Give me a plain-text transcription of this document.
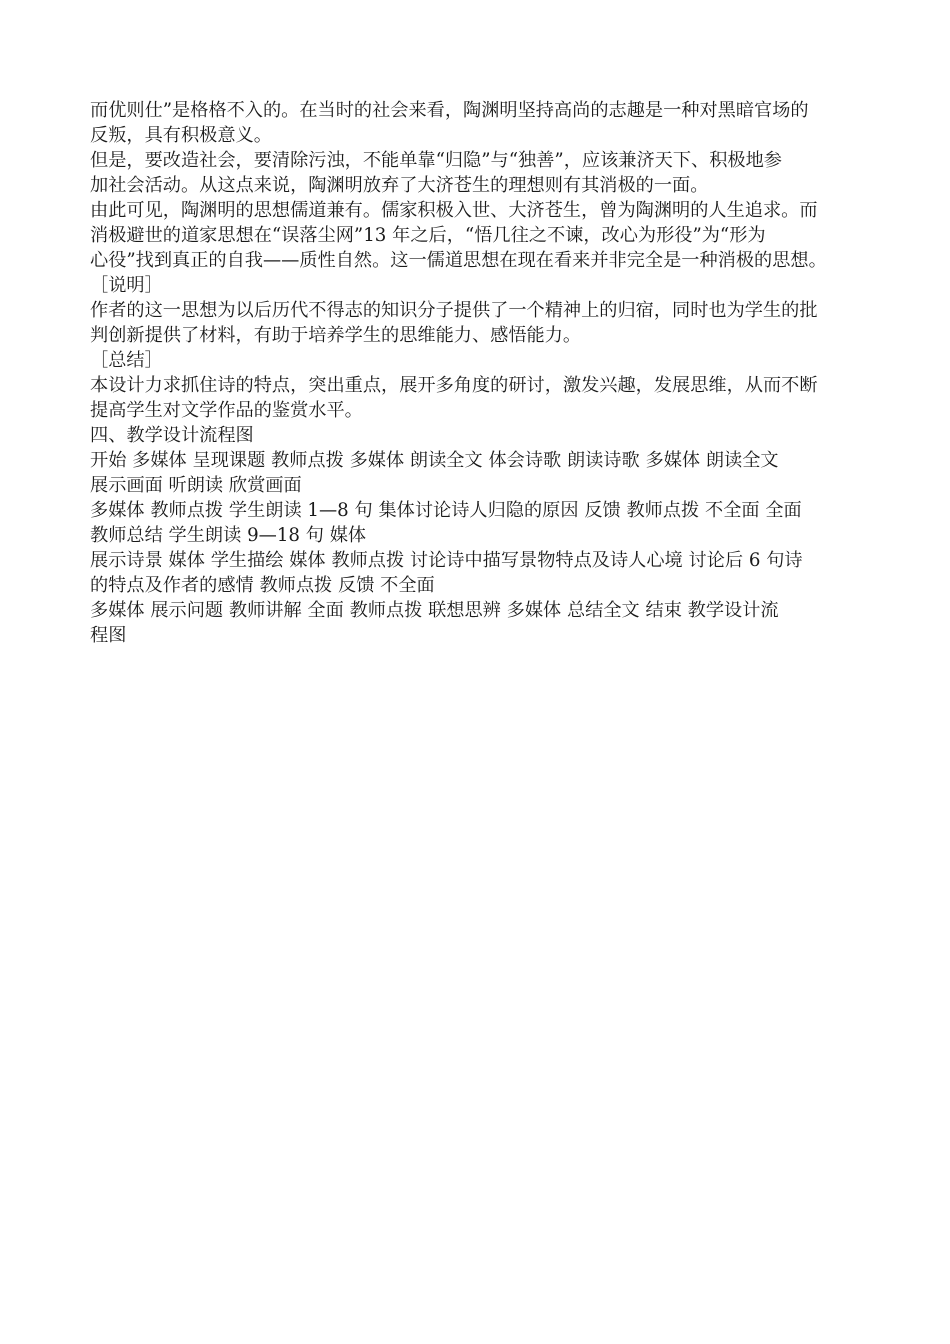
而优则仕”是格格不入的。在当时的社会来看，陶渊明坚持高尚的志趣是一种对黑暗官场的
反叛，具有积极意义。
但是，要改造社会，要清除污浊，不能单靠“归隐”与“独善”，应该兼济天下、积极地参
加社会活动。从这点来说，陶渊明放弃了大济苍生的理想则有其消极的一面。
由此可见，陶渊明的思想儒道兼有。儒家积极入世、大济苍生，曾为陶渊明的人生追求。而
消极避世的道家思想在“误落尘网”13 年之后，“悟几往之不谏，改心为形役”为“形为
心役”找到真正的自我——质性自然。这一儒道思想在现在看来并非完全是一种消极的思想。
［说明］
作者的这一思想为以后历代不得志的知识分子提供了一个精神上的归宿，同时也为学生的批
判创新提供了材料，有助于培养学生的思维能力、感悟能力。
［总结］
本设计力求抓住诗的特点，突出重点，展开多角度的研讨，激发兴趣，发展思维，从而不断
提高学生对文学作品的鉴赏水平。
四、教学设计流程图
开始 多媒体 呈现课题 教师点拨 多媒体 朗读全文 体会诗歌 朗读诗歌 多媒体 朗读全文
展示画面 听朗读 欣赏画面
多媒体 教师点拨 学生朗读 1—8 句 集体讨论诗人归隐的原因 反馈 教师点拨 不全面 全面
教师总结 学生朗读 9—18 句 媒体
展示诗景 媒体 学生描绘 媒体 教师点拨 讨论诗中描写景物特点及诗人心境 讨论后 6 句诗
的特点及作者的感情 教师点拨 反馈 不全面
多媒体 展示问题 教师讲解 全面 教师点拨 联想思辨 多媒体 总结全文 结束 教学设计流
程图
